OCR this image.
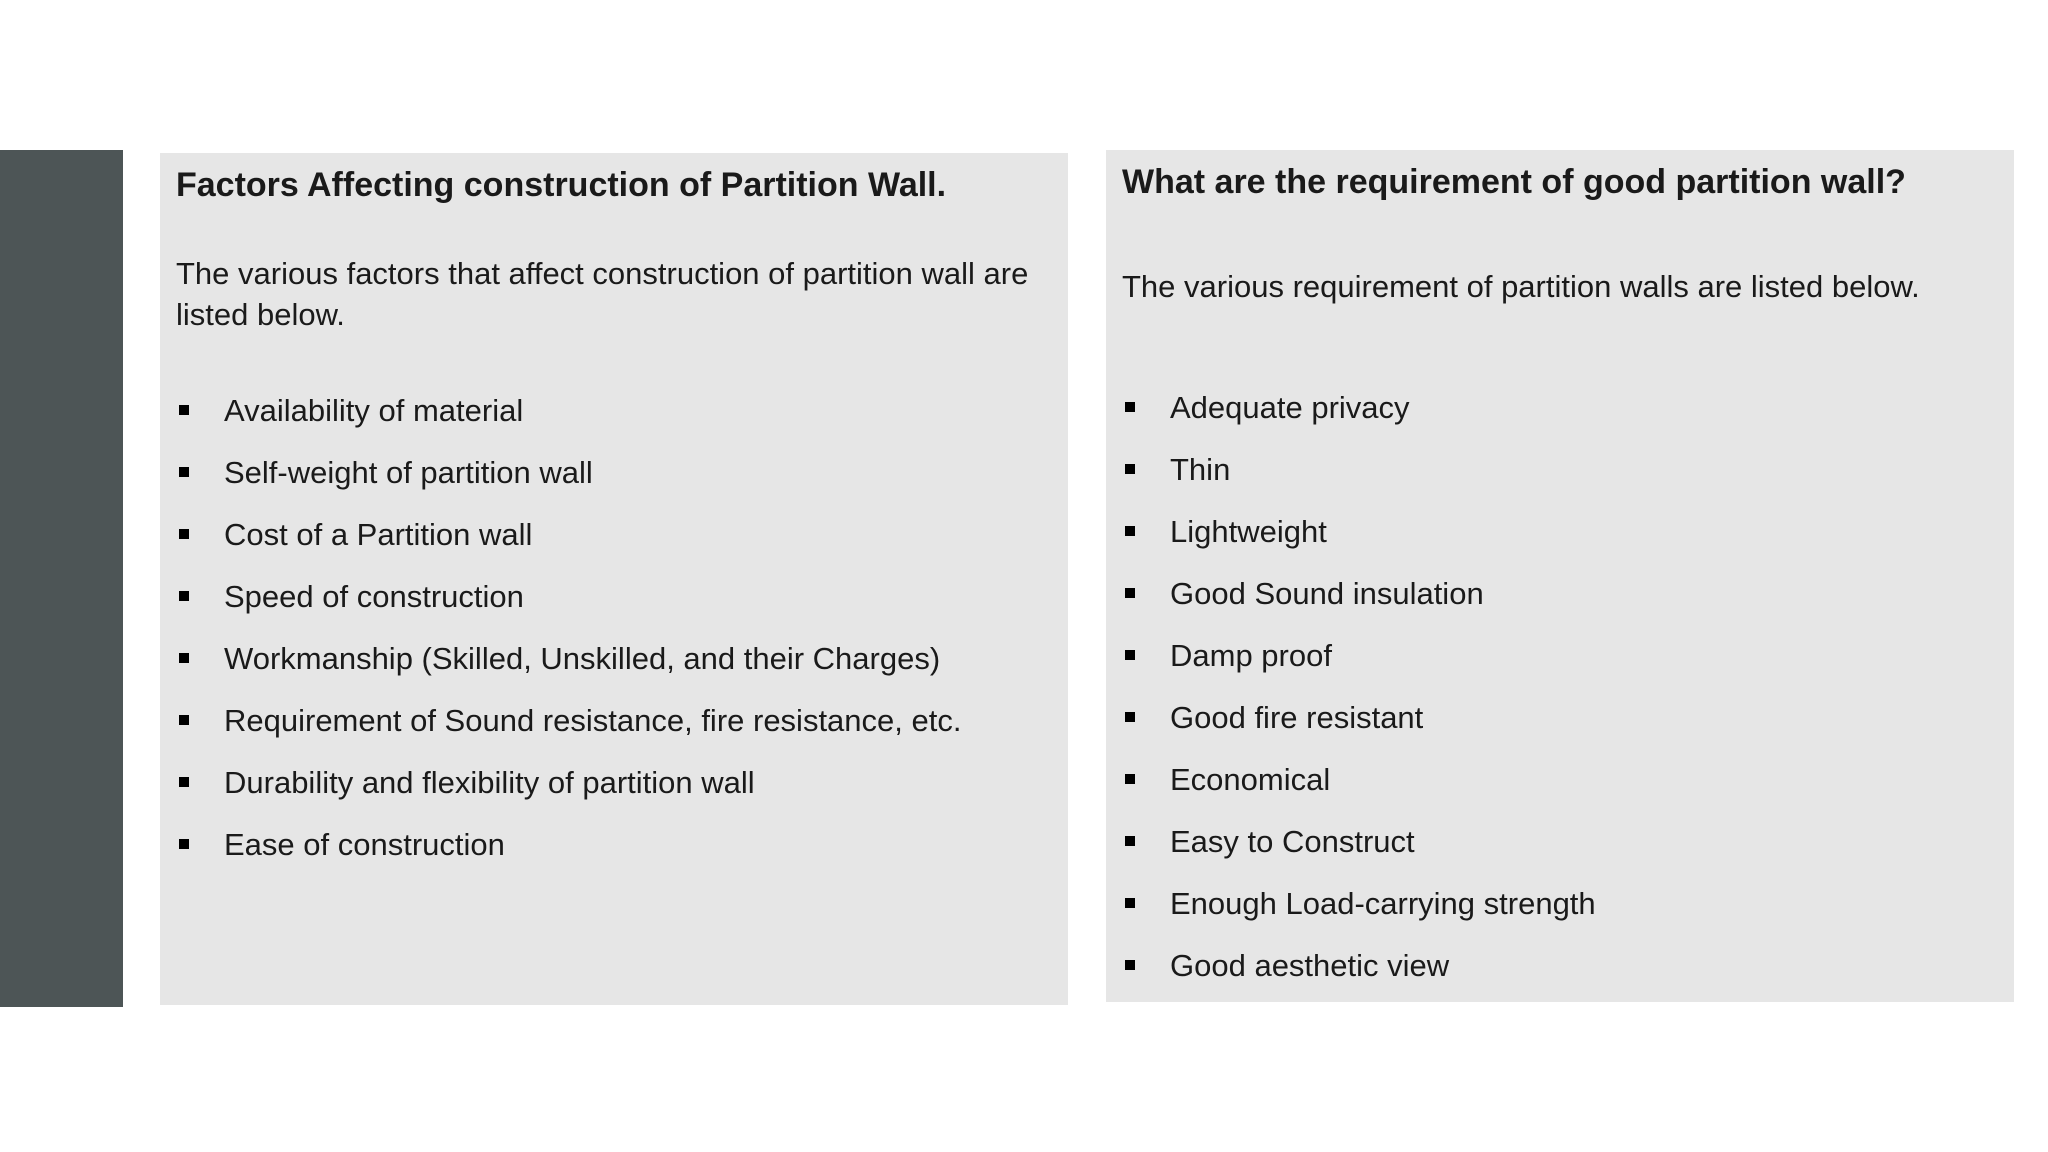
Factors Affecting construction of Partition Wall.

The various factors that affect construction of partition wall are listed below.

Availability of material
Self-weight of partition wall
Cost of a Partition wall
Speed of construction
Workmanship (Skilled, Unskilled, and their Charges)
Requirement of Sound resistance, fire resistance, etc.
Durability and flexibility of partition wall
Ease of construction
What are the requirement of good partition wall?

The various requirement of partition walls are listed below.

Adequate privacy
Thin
Lightweight
Good Sound insulation
Damp proof
Good fire resistant
Economical
Easy to Construct
Enough Load-carrying strength
Good aesthetic view
